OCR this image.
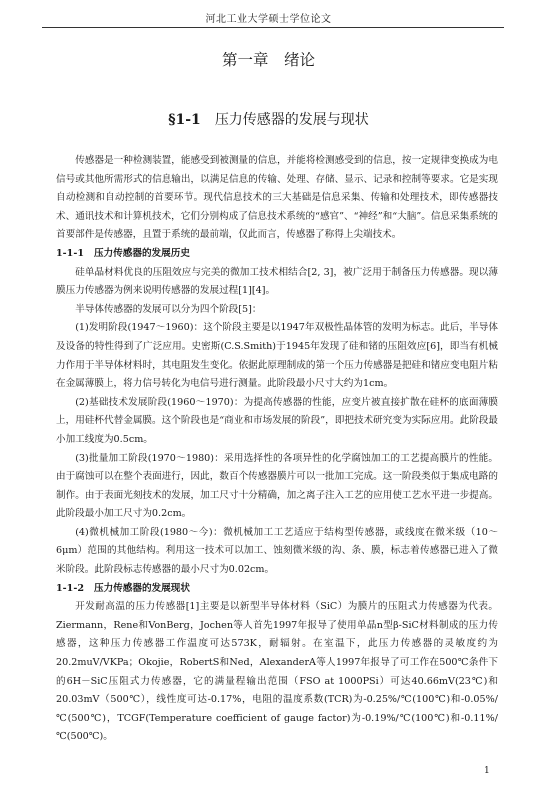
河北工业大学硕士学位论文
第一章　绪论
§1-1 压力传感器的发展与现状

传感器是一种检测装置，能感受到被测量的信息，并能将检测感受到的信息，按一定规律变换成为电信号或其他所需形式的信息输出，以满足信息的传输、处理、存储、显示、记录和控制等要求。它是实现自动检测和自动控制的首要环节。现代信息技术的三大基础是信息采集、传输和处理技术，即传感器技术、通讯技术和计算机技术，它们分别构成了信息技术系统的“感官”、“神经”和“大脑”。信息采集系统的首要部件是传感器，且置于系统的最前端，仅此而言，传感器了称得上尖端技术。

1-1-1 压力传感器的发展历史

硅单晶材料优良的压阻效应与完美的微加工技术相结合[2, 3]，被广泛用于制备压力传感器。现以薄膜压力传感器为例来说明传感器的发展过程[1][4]。

半导体传感器的发展可以分为四个阶段[5]：

(1)发明阶段(1947～1960)：这个阶段主要是以1947年双极性晶体管的发明为标志。此后，半导体及设备的特性得到了广泛应用。史密斯(C.S.Smith)于1945年发现了硅和锗的压阻效应[6]，即当有机械力作用于半导体材料时，其电阻发生变化。依据此原理制成的第一个压力传感器是把硅和锗应变电阻片粘在金属薄膜上，将力信号转化为电信号进行测量。此阶段最小尺寸大约为1cm。

(2)基础技术发展阶段(1960～1970)：为提高传感器的性能，应变片被直接扩散在硅杯的底面薄膜上，用硅杯代替金属膜。这个阶段也是“商业和市场发展的阶段”，即把技术研究变为实际应用。此阶段最小加工线度为0.5cm。

(3)批量加工阶段(1970～1980)：采用选择性的各项异性的化学腐蚀加工的工艺提高膜片的性能。由于腐蚀可以在整个表面进行，因此，数百个传感器膜片可以一批加工完成。这一阶段类似于集成电路的制作。由于表面光刻技术的发展，加工尺寸十分精确，加之离子注入工艺的应用使工艺水平进一步提高。此阶段最小加工尺寸为0.2cm。

(4)微机械加工阶段(1980～今)：微机械加工工艺适应于结构型传感器，或线度在微米级（10～6μm）范围的其他结构。利用这一技术可以加工、蚀刻微米级的沟、条、膜，标志着传感器已进入了微米阶段。此阶段标志传感器的最小尺寸为0.02cm。

1-1-2 压力传感器的发展现状

开发耐高温的压力传感器[1]主要是以新型半导体材料（SiC）为膜片的压阻式力传感器为代表。Ziermann，Rene和VonBerg，Jochen等人首先1997年报导了使用单晶n型β-SiC材料制成的压力传感器，这种压力传感器工作温度可达573K，耐辐射。在室温下，此压力传感器的灵敏度约为20.2muV/VKPa；Okojie，RobertS和Ned，AlexanderA等人1997年报导了可工作在500℃条件下的6H－SiC压阻式力传感器，它的满量程输出范围（FSO at 1000PSi）可达40.66mV(23℃)和20.03mV（500℃），线性度可达-0.17%，电阻的温度系数(TCR)为-0.25%/℃(100℃)和-0.05%/℃(500℃)，TCGF(Temperature coefficient of gauge factor)为-0.19%/℃(100℃)和-0.11%/℃(500℃)。

1
